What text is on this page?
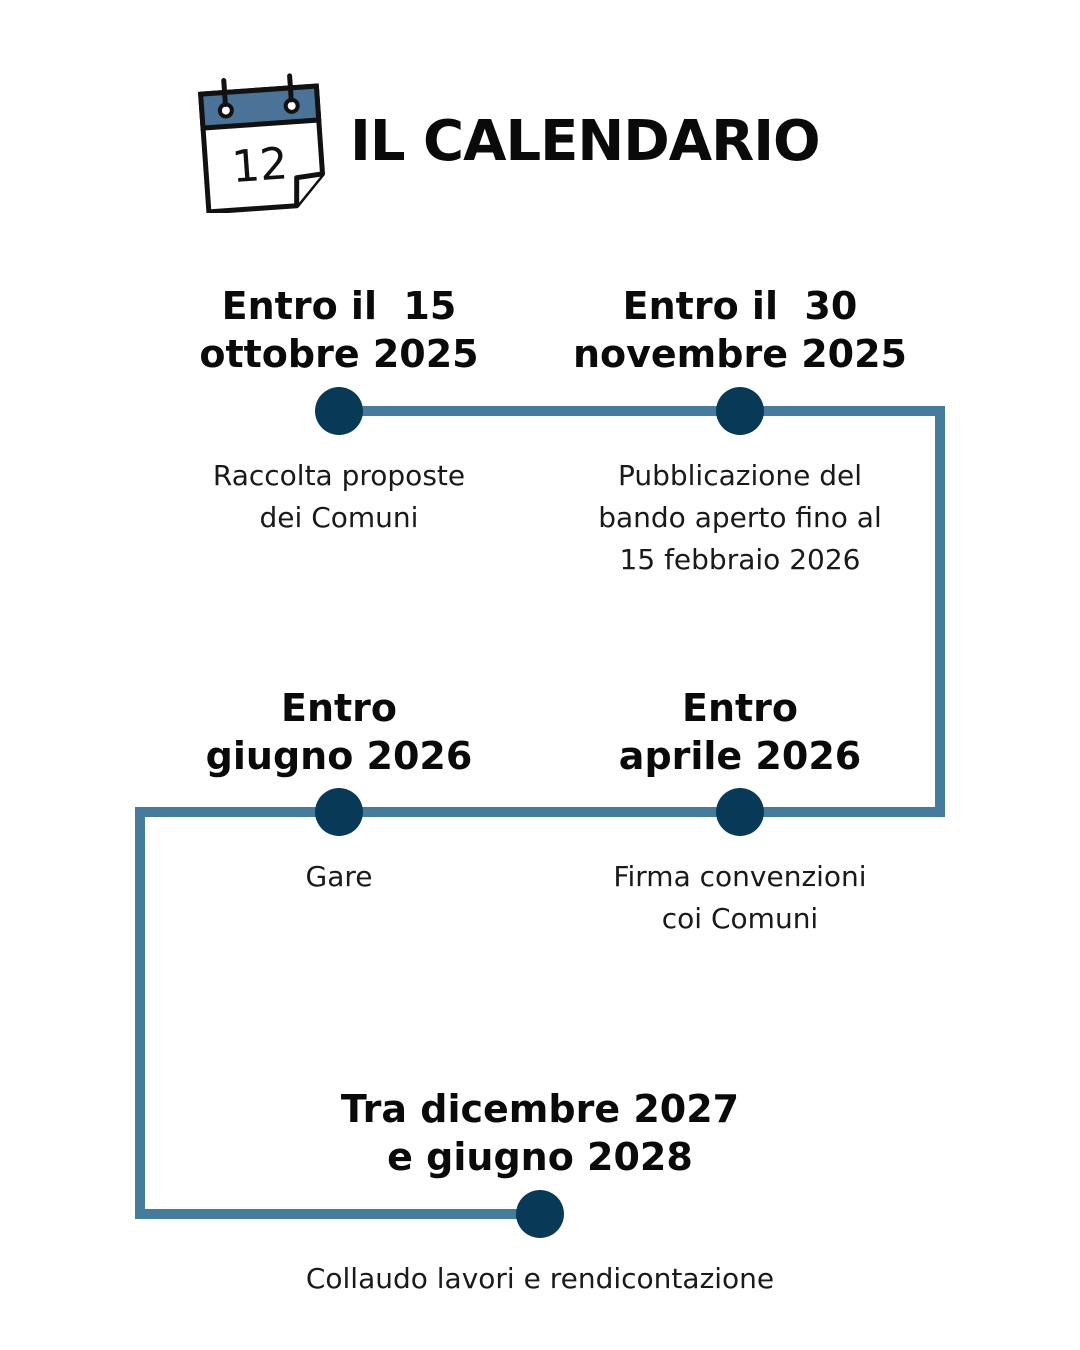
12 IL CALENDARIO
Entro il  15
ottobre 2025
Raccolta proposte
dei Comuni
Entro il  30
novembre 2025
Pubblicazione del
bando aperto fino al
15 febbraio 2026
Entro
aprile 2026
Firma convenzioni
coi Comuni
Entro
giugno 2026
Gare
Tra dicembre 2027
e giugno 2028
Collaudo lavori e rendicontazione
